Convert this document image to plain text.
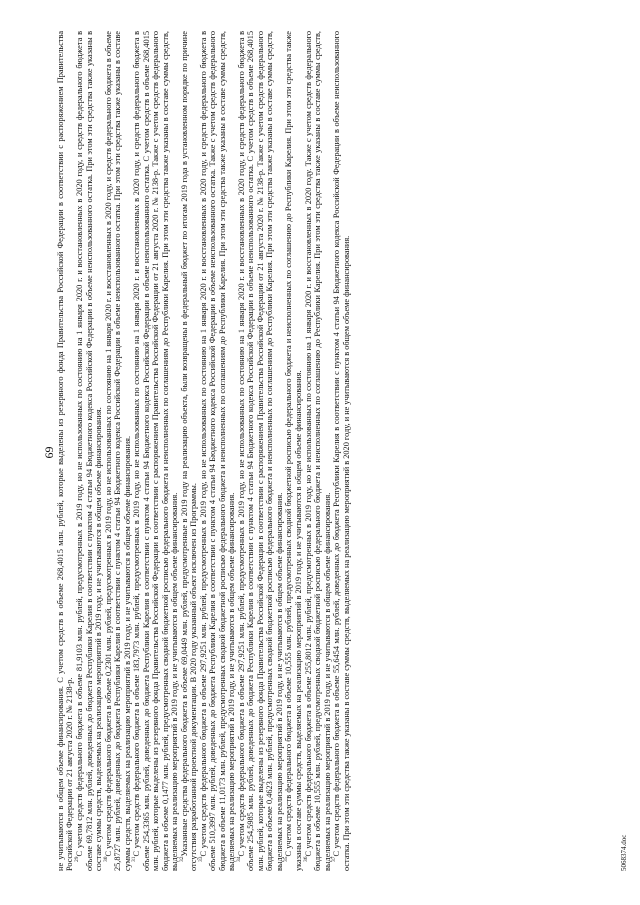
69 не учитываются в общем объеме финансирования. С учетом средств в объеме 268,4015 млн. рублей, которые выделены из резервного фонда Правительства Российской Федерации в соответствии с распоряжением Правительства Российской Федерации от 21 августа 2020 г. № 2138-р. $^{29}$С учетом средств федерального бюджета в объеме 81,9103 млн. рублей, предусмотренных в 2019 году, но не использованных по состоянию на 1 января 2020 г. и восстановленных в 2020 году, и средств федерального бюджета в объеме 69,7812 млн. рублей, доведенных до бюджета Республики Карелия в соответствии с пунктом 4 статьи 94 Бюджетного кодекса Российской Федерации в объеме неиспользованного остатка. При этом эти средства также указаны в составе суммы средств, выделяемых на реализацию мероприятий в 2019 году, и не учитываются в общем объеме финансирования. $^{30}$С учетом средств федерального бюджета в объеме 0,2301 млн. рублей, предусмотренных в 2019 году, но не использованных по состоянию на 1 января 2020 г. и восстановленных в 2020 году, и средств федерального бюджета в объеме 25,8727 млн. рублей, доведенных до бюджета Республики Карелия в соответствии с пунктом 4 статьи 94 Бюджетного кодекса Российской Федерации в объеме неиспользованного остатка. При этом эти средства также указаны в составе суммы средств, выделяемых на реализацию мероприятий в 2019 году, и не учитываются в общем объеме финансирования. $^{31}$С учетом средств федерального бюджета в объеме 183,7973 млн. рублей, предусмотренных в 2019 году, но не использованных по состоянию на 1 января 2020 г. и восстановленных в 2020 году, и средств федерального бюджета в объеме 254,3365 млн. рублей, доведенных до бюджета Республики Карелия в соответствии с пунктом 4 статьи 94 Бюджетного кодекса Российской Федерации в объеме неиспользованного остатка. С учетом средств в объеме 268,4015 млн. рублей, которые выделены из резервного фонда Правительства Российской Федерации в соответствии с распоряжением Правительства Российской Федерации от 21 августа 2020 г. № 2138-р. Также с учетом средств федерального бюджета в объеме 0,1477 млн. рублей, предусмотренных сводной бюджетной росписью федерального бюджета и неисполненных по соглашениям до Республики Карелия. При этом эти средства также указаны в составе суммы средств, выделяемых на реализацию мероприятий в 2019 году, и не учитываются в общем объеме финансирования. $^{32}$Указанные средства федерального бюджета в объеме 69,0449 млн. рублей, предусмотренные в 2019 году на реализацию объекта, были возвращены в федеральный бюджет по итогам 2019 года в установленном порядке по причине отсутствия разработанной проектной документации. В 2020 году указанный объект исключен из Программы. $^{33}$С учетом средств федерального бюджета в объеме 297,9251 млн. рублей, предусмотренных в 2019 году, но не использованных по состоянию на 1 января 2020 г. и восстановленных в 2020 году, и средств федерального бюджета в объеме 510,3997 млн. рублей, доведенных до бюджета Республики Карелия в соответствии с пунктом 4 статьи 94 Бюджетного кодекса Российской Федерации в объеме неиспользованного остатка. Также с учетом средств федерального бюджета в объеме 11,0173 млн. рублей, предусмотренных сводной бюджетной росписью федерального бюджета и неисполненных по соглашениям до Республики Карелия. При этом эти средства также указаны в составе суммы средств, выделяемых на реализацию мероприятий в 2019 году, и не учитываются в общем объеме финансирования. $^{34}$С учетом средств федерального бюджета в объеме 297,9251 млн. рублей, предусмотренных в 2019 году, но не использованных по состоянию на 1 января 2020 г. и восстановленных в 2020 году, и средств федерального бюджета в объеме 254,5985 млн. рублей, доведенных до бюджета Республики Карелия в соответствии с пунктом 4 статьи 94 Бюджетного кодекса Российской Федерации в объеме неиспользованного остатка. С учетом средств в объеме 268,4015 млн. рублей, которые выделены из резервного фонда Правительства Российской Федерации в соответствии с распоряжением Правительства Российской Федерации от 21 августа 2020 г. № 2138-р. Также с учетом средств федерального бюджета в объеме 0,4623 млн. рублей, предусмотренных сводной бюджетной росписью федерального бюджета и неисполненных по соглашениям до Республики Карелия. При этом эти средства также указаны в составе суммы средств, выделяемых на реализацию мероприятий в 2019 году, и не учитываются в общем объеме финансирования. $^{35}$С учетом средств федерального бюджета в объеме 10,555 млн. рублей, предусмотренных сводной бюджетной росписью федерального бюджета и неисполненных по соглашению до Республики Карелия. При этом эти средства также указаны в составе суммы средств, выделяемых на реализацию мероприятий в 2019 году, и не учитываются в общем объеме финансирования. $^{36}$С учетом средств федерального бюджета в объеме 255,8012 млн. рублей, предусмотренных в 2019 году, но не использованных по состоянию на 1 января 2020 г. и восстановленных в 2020 году. Также с учетом средств федерального бюджета в объеме 10,555 млн. рублей, предусмотренных сводной бюджетной росписью федерального бюджета и неисполненных по соглашению до Республики Карелия. При этом эти средства также указаны в составе суммы средств, выделяемых на реализацию мероприятий в 2019 году, и не учитываются в общем объеме финансирования. $^{37}$С учетом средств федерального бюджета в объеме 55,6454 млн. рублей, доведенных до бюджета Республики Карелия в соответствии с пунктом 4 статьи 94 Бюджетного кодекса Российской Федерации в объеме неиспользованного остатка. При этом эти средства также указаны в составе суммы средств, выделяемых на реализацию мероприятий в 2020 году, и не учитываются в общем объеме финансирования.	5068374.doc
